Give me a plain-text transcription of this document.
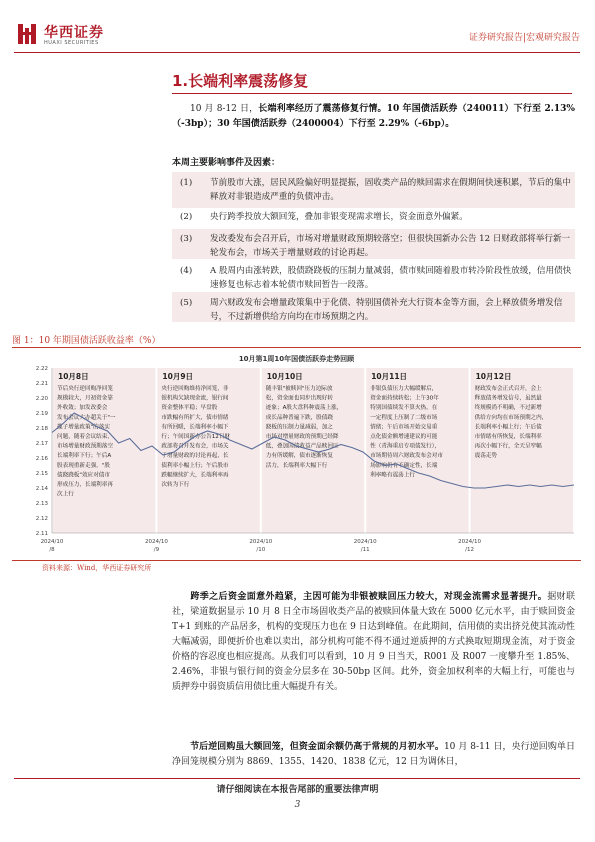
华西证券
HUAXI SECURITIES	证券研究报告|宏观研究报告
1.长端利率震荡修复
10 月 8-12 日，长端利率经历了震荡修复行情。10 年国债活跃券（240011）下行至 2.13%（-3bp）；30 年国债活跃券（2400004）下行至 2.29%（-6bp）。
本周主要影响事件及因素：
(1) 节前股市大涨，居民风险偏好明显提振，固收类产品的赎回需求在假期间快速积累，节后的集中释放对非银造成严重的负债冲击。
(2) 央行跨季投放大额回笼，叠加非银变现需求增长，资金面意外偏紧。
(3) 发改委发布会召开后，市场对增量财政预期较落空；但很快国新办公告 12 日财政部将举行新一轮发布会，市场关于增量财政的讨论再起。
(4) A 股周内由涨转跌，股债跷跷板的压制力量减弱，债市赎回随着股市转冷阶段性放缓，信用债快速修复也标志着本轮债市赎回暂告一段落。
(5) 周六财政发布会增量政策集中于化债、特别国债补充大行资本金等方面，会上释放债务增发信号，不过新增供给方向均在市场预期之内。
图 1：10 年期国债活跃收益率（%）
10月第1周10年国债活跃券走势回顾
10月8日
节后央行逆回购净回笼
规模较大，月初资金靠
外收敛；加发改委会
发布会议大办超关于"一
揽子增量政策"的落实
问题，随着会议结束，
市场增量财政预期落空
长端利率下行；午后A
股表现重新走强，"股
债跷跷板"效应对债市
形成压力，长端利率再
次上行
10月9日
央行逆回购维持净回笼，非
银机构欠缺现金流，银行间
资金整体平稳；早盘股
市跌幅有所扩大，债市情绪
有所回暖，长端利率小幅下
行；午间国新办公告12日财
政部将召开发布会，市场关
于增量财政的讨论再起，长
债利率小幅上行；午后股市
跌幅继续扩大，长端利率再
次转为下行
10月10日
随丰银"被赎回"压力边际放
松，资金面也同步出现好转
迹象；A股大盘科种震荡上涨，
成长品种普遍下跌，股债跷
跷板的压制力量减弱，加之
市场对增量财政的预期已经降
低，叠加国债收益产品赎回压
力有所缓解，债市逐渐恢复
活力，长端利率大幅下行
10月11日
非银负债压力大幅缓解后，
资金面持续转松；上午30年
特别国债续发不算火热，在
一定程度上压制了二级市场
情绪；午后市场开始交易重
点化债金额增速建议的可能
性（青海重启专项债发行），
市场期待周六财政发布会对市
场影响仍有不确定性，长端
利率略有震荡上行
10月12日
财政发布会正式召开，会上
释放债务增发信号，虽然最
终规模尚不明确，不过新增
供给方向均在市场预期之内，
长端利率小幅上行；午后债
市情绪有所恢复，长端利率
再次小幅下行，全天呈窄幅
震荡走势
2.22
2.21
2.20
2.19
2.18
2.17
2.16
2.15
2.14
2.13
2.12
2.11
2024/10
/8
2024/10
/9
2024/10
/10
2024/10
/11
2024/10
/12
资料来源：Wind，华西证券研究所
跨季之后资金面意外趋紧，主因可能为非银被赎回压力较大，对现金流需求显著提升。据财联社，梁道数据显示 10 月 8 日全市场固收类产品的被赎回体量大致在 5000 亿元水平，由于赎回资金 T+1 到账的产品居多，机构的变现压力也在 9 日达到峰值。在此期间，信用债的卖出挤兑使其流动性大幅减弱，即便折价也难以卖出，部分机构可能不得不通过逆质押的方式换取短期现金流，对于资金价格的容忍度也相应提高。从我们可以看到，10 月 9 日当天，R001 及 R007 一度攀升至 1.85%、2.46%，非银与银行间的资金分层多在 30-50bp 区间。此外，资金加权利率的大幅上行，可能也与质押券中弱资质信用债比重大幅提升有关。
节后逆回购虽大额回笼，但资金面余额仍高于常规的月初水平。10 月 8-11 日，央行逆回购单日净回笼规模分别为 8869、1355、1420、1838 亿元，12 日为调休日，
请仔细阅读在本报告尾部的重要法律声明
3
